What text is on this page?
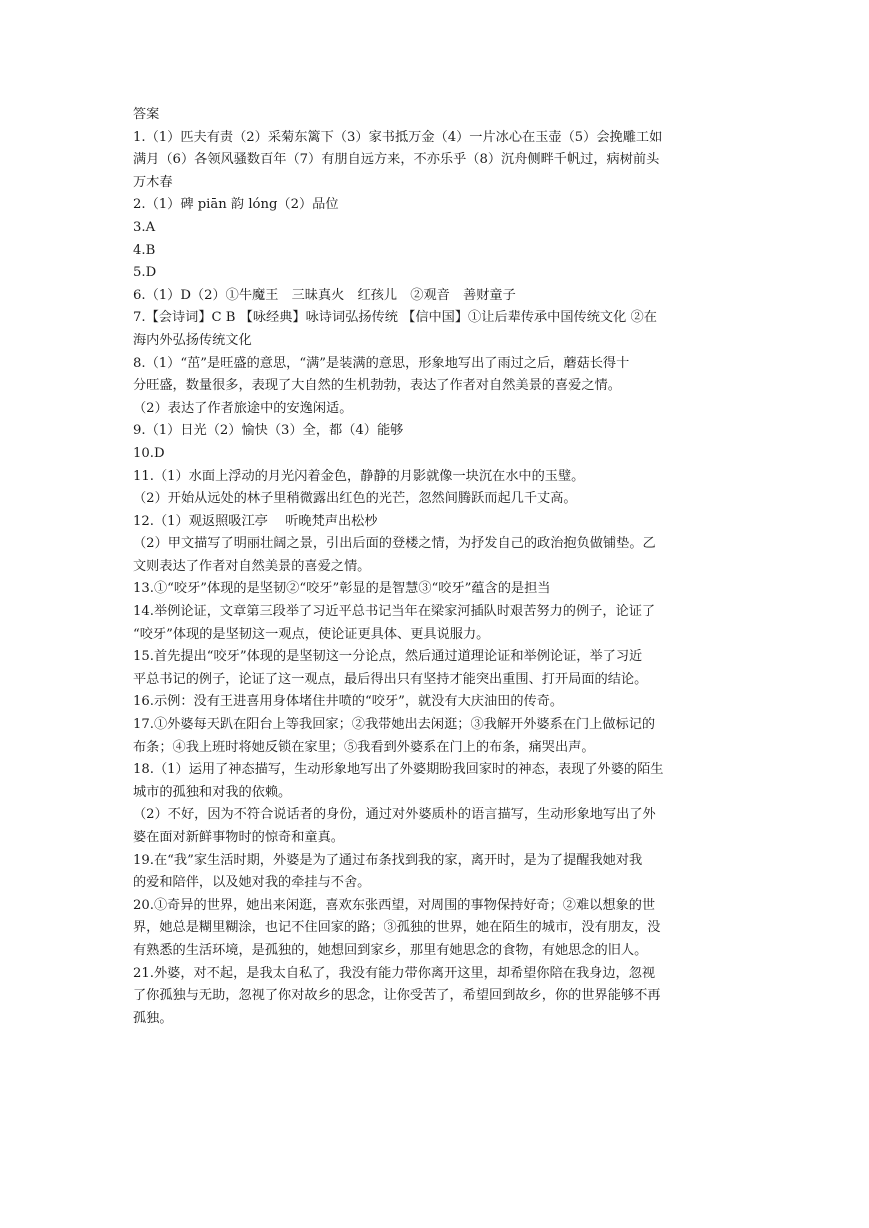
答案
1.（1）匹夫有责（2）采菊东篱下（3）家书抵万金（4）一片冰心在玉壶（5）会挽雕工如
满月（6）各领风骚数百年（7）有朋自远方来，不亦乐乎（8）沉舟侧畔千帆过，病树前头
万木春
2.（1）碑 piān 韵 lóng（2）品位
3.A
4.B
5.D
6.（1）D（2）①牛魔王　三昧真火　红孩儿　②观音　善财童子
7.【会诗词】C B 【咏经典】咏诗词弘扬传统 【信中国】①让后辈传承中国传统文化 ②在
海内外弘扬传统文化
8.（1）“茁”是旺盛的意思，“满”是装满的意思，形象地写出了雨过之后，蘑菇长得十
分旺盛，数量很多，表现了大自然的生机勃勃，表达了作者对自然美景的喜爱之情。
（2）表达了作者旅途中的安逸闲适。
9.（1）日光（2）愉快（3）全，都（4）能够
10.D
11.（1）水面上浮动的月光闪着金色，静静的月影就像一块沉在水中的玉璧。
（2）开始从远处的林子里稍微露出红色的光芒，忽然间腾跃而起几千丈高。
12.（1）观返照吸江亭　 听晚梵声出松杪
（2）甲文描写了明丽壮阔之景，引出后面的登楼之情，为抒发自己的政治抱负做铺垫。乙
文则表达了作者对自然美景的喜爱之情。
13.①“咬牙”体现的是坚韧②“咬牙”彰显的是智慧③“咬牙”蕴含的是担当
14.举例论证，文章第三段举了习近平总书记当年在梁家河插队时艰苦努力的例子，论证了
“咬牙”体现的是坚韧这一观点，使论证更具体、更具说服力。
15.首先提出“咬牙”体现的是坚韧这一分论点，然后通过道理论证和举例论证，举了习近
平总书记的例子，论证了这一观点，最后得出只有坚持才能突出重围、打开局面的结论。
16.示例：没有王进喜用身体堵住井喷的“咬牙”，就没有大庆油田的传奇。
17.①外婆每天趴在阳台上等我回家；②我带她出去闲逛；③我解开外婆系在门上做标记的
布条；④我上班时将她反锁在家里；⑤我看到外婆系在门上的布条，痛哭出声。
18.（1）运用了神态描写，生动形象地写出了外婆期盼我回家时的神态，表现了外婆的陌生
城市的孤独和对我的依赖。
（2）不好，因为不符合说话者的身份，通过对外婆质朴的语言描写，生动形象地写出了外
婆在面对新鲜事物时的惊奇和童真。
19.在“我”家生活时期，外婆是为了通过布条找到我的家，离开时，是为了提醒我她对我
的爱和陪伴，以及她对我的牵挂与不舍。
20.①奇异的世界，她出来闲逛，喜欢东张西望，对周围的事物保持好奇；②难以想象的世
界，她总是糊里糊涂，也记不住回家的路；③孤独的世界，她在陌生的城市，没有朋友，没
有熟悉的生活环境，是孤独的，她想回到家乡，那里有她思念的食物，有她思念的旧人。
21.外婆，对不起，是我太自私了，我没有能力带你离开这里，却希望你陪在我身边，忽视
了你孤独与无助，忽视了你对故乡的思念，让你受苦了，希望回到故乡，你的世界能够不再
孤独。
